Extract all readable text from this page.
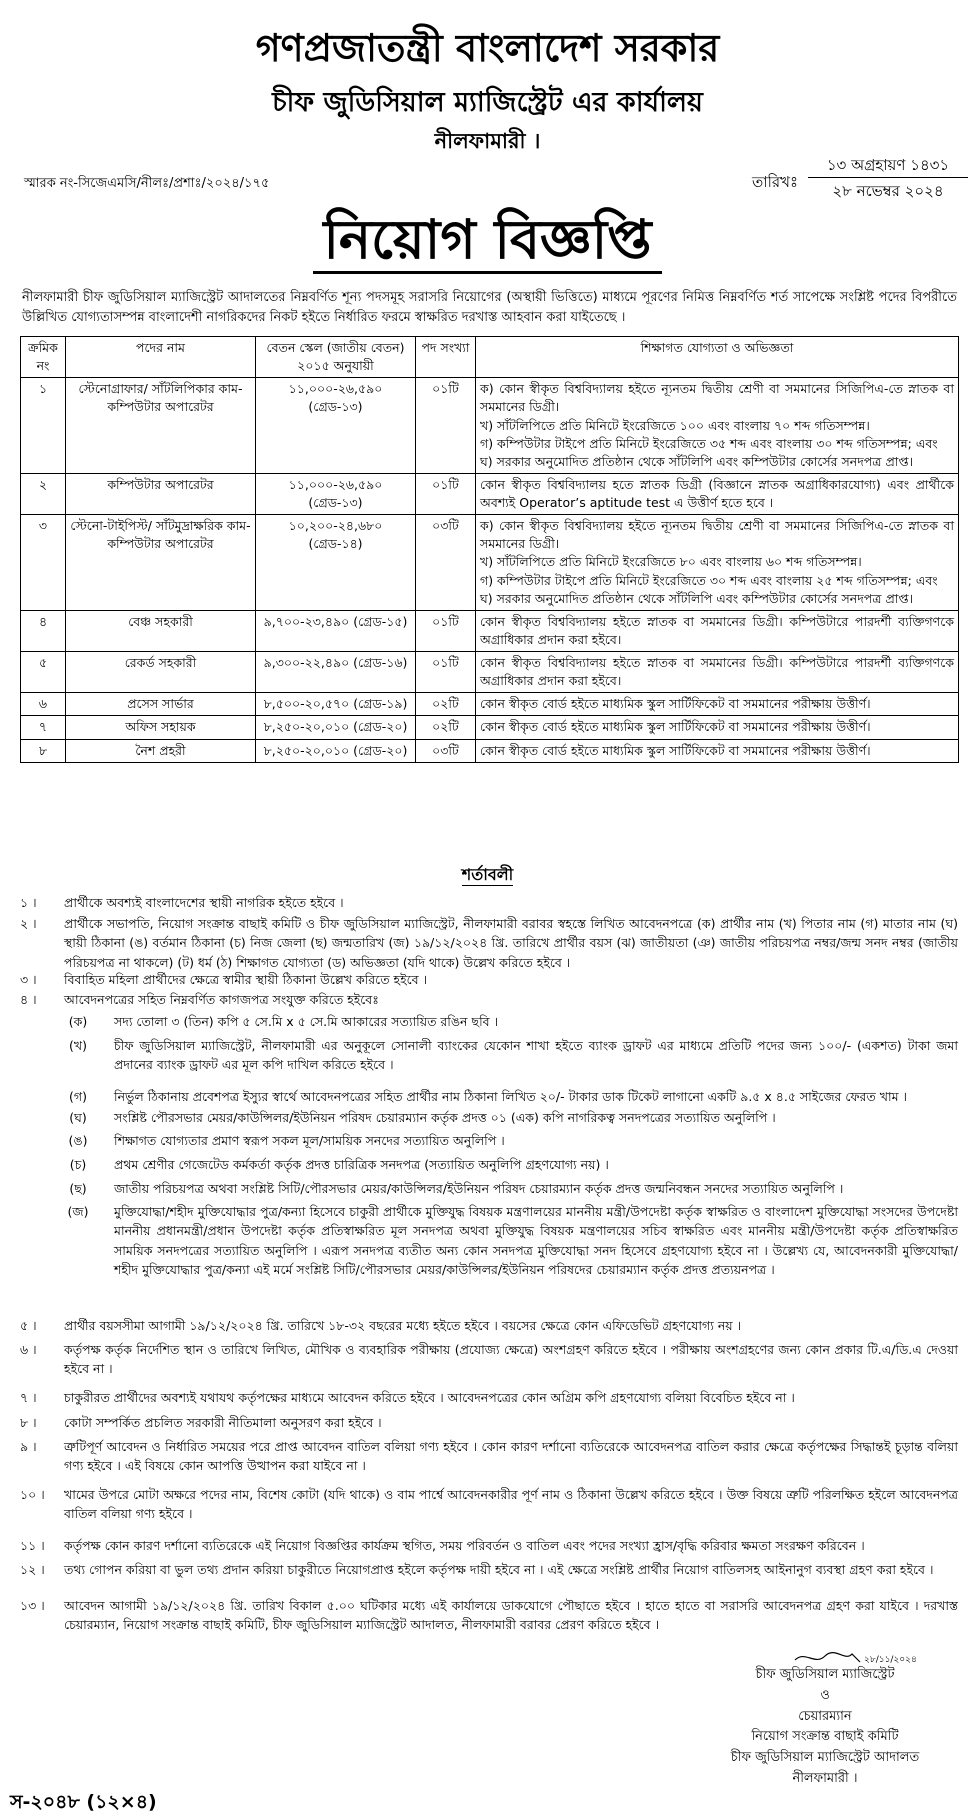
গণপ্রজাতন্ত্রী বাংলাদেশ সরকার
চীফ জুডিসিয়াল ম্যাজিস্ট্রেট এর কার্যালয়
নীলফামারী ।
স্মারক নং-সিজেএমসি/নীলঃ/প্রশাঃ/২০২৪/১৭৫	তারিখঃ
১৩ অগ্রহায়ণ ১৪৩১
২৮ নভেম্বর ২০২৪
নিয়োগ বিজ্ঞপ্তি
নীলফামারী চীফ জুডিসিয়াল ম্যাজিস্ট্রেট আদালতের নিম্নবর্ণিত শূন্য পদসমূহ সরাসরি নিয়োগের (অস্থায়ী ভিত্তিতে) মাধ্যমে পূরণের নিমিত্ত নিম্নবর্ণিত শর্ত সাপেক্ষে সংশ্লিষ্ট পদের বিপরীতে উল্লিখিত যোগ্যতাসম্পন্ন বাংলাদেশী নাগরিকদের নিকট হইতে নির্ধারিত ফরমে স্বাক্ষরিত দরখাস্ত আহবান করা যাইতেছে ।
ক্রমিক নং	পদের নাম	বেতন স্কেল (জাতীয় বেতন) ২০১৫ অনুযায়ী	পদ সংখ্যা	শিক্ষাগত যোগ্যতা ও অভিজ্ঞতা
১	স্টেনোগ্রাফার/ সাঁটলিপিকার কাম-কম্পিউটার অপারেটর	১১,০০০-২৬,৫৯০ (গ্রেড-১৩)	০১টি	ক) কোন স্বীকৃত বিশ্ববিদ্যালয় হইতে ন্যূনতম দ্বিতীয় শ্রেণী বা সমমানের সিজিপিএ-তে স্নাতক বা সমমানের ডিগ্রী।
খ) সাঁটলিপিতে প্রতি মিনিটে ইংরেজিতে ১০০ এবং বাংলায় ৭০ শব্দ গতিসম্পন্ন।
গ) কম্পিউটার টাইপে প্রতি মিনিটে ইংরেজিতে ৩৫ শব্দ এবং বাংলায় ৩০ শব্দ গতিসম্পন্ন; এবং
ঘ) সরকার অনুমোদিত প্রতিষ্ঠান থেকে সাঁটলিপি এবং কম্পিউটার কোর্সের সনদপত্র প্রাপ্ত।

২	কম্পিউটার অপারেটর	১১,০০০-২৬,৫৯০ (গ্রেড-১৩)	০১টি	কোন স্বীকৃত বিশ্ববিদ্যালয় হতে স্নাতক ডিগ্রী (বিজ্ঞানে স্নাতক অগ্রাধিকারযোগ্য) এবং প্রার্থীকে অবশ্যই Operator’s aptitude test এ উত্তীর্ণ হতে হবে ।

৩	স্টেনো-টাইপিস্ট/ সাঁটমুদ্রাক্ষরিক কাম-কম্পিউটার অপারেটর	১০,২০০-২৪,৬৮০ (গ্রেড-১৪)	০৩টি	ক) কোন স্বীকৃত বিশ্ববিদ্যালয় হইতে ন্যূনতম দ্বিতীয় শ্রেণী বা সমমানের সিজিপিএ-তে স্নাতক বা সমমানের ডিগ্রী।
খ) সাঁটলিপিতে প্রতি মিনিটে ইংরেজিতে ৮০ এবং বাংলায় ৬০ শব্দ গতিসম্পন্ন।
গ) কম্পিউটার টাইপে প্রতি মিনিটে ইংরেজিতে ৩০ শব্দ এবং বাংলায় ২৫ শব্দ গতিসম্পন্ন; এবং
ঘ) সরকার অনুমোদিত প্রতিষ্ঠান থেকে সাঁটলিপি এবং কম্পিউটার কোর্সের সনদপত্র প্রাপ্ত।

৪	বেঞ্চ সহকারী	৯,৭০০-২৩,৪৯০ (গ্রেড-১৫)	০১টি	কোন স্বীকৃত বিশ্ববিদ্যালয় হইতে স্নাতক বা সমমানের ডিগ্রী। কম্পিউটারে পারদর্শী ব্যক্তিগণকে অগ্রাধিকার প্রদান করা হইবে।

৫	রেকর্ড সহকারী	৯,৩০০-২২,৪৯০ (গ্রেড-১৬)	০১টি	কোন স্বীকৃত বিশ্ববিদ্যালয় হইতে স্নাতক বা সমমানের ডিগ্রী। কম্পিউটারে পারদর্শী ব্যক্তিগণকে অগ্রাধিকার প্রদান করা হইবে।

৬	প্রসেস সার্ভার	৮,৫০০-২০,৫৭০ (গ্রেড-১৯)	০২টি	কোন স্বীকৃত বোর্ড হইতে মাধ্যমিক স্কুল সার্টিফিকেট বা সমমানের পরীক্ষায় উত্তীর্ণ।

৭	অফিস সহায়ক	৮,২৫০-২০,০১০ (গ্রেড-২০)	০২টি	কোন স্বীকৃত বোর্ড হইতে মাধ্যমিক স্কুল সার্টিফিকেট বা সমমানের পরীক্ষায় উত্তীর্ণ।

৮	নৈশ প্রহরী	৮,২৫০-২০,০১০ (গ্রেড-২০)	০৩টি	কোন স্বীকৃত বোর্ড হইতে মাধ্যমিক স্কুল সার্টিফিকেট বা সমমানের পরীক্ষায় উত্তীর্ণ।
শর্তাবলী
১ ।	প্রার্থীকে অবশ্যই বাংলাদেশের স্থায়ী নাগরিক হইতে হইবে ।
২ ।	প্রার্থীকে সভাপতি, নিয়োগ সংক্রান্ত বাছাই কমিটি ও চীফ জুডিসিয়াল ম্যাজিস্ট্রেট, নীলফামারী বরাবর স্বহস্তে লিখিত আবেদনপত্রে (ক) প্রার্থীর নাম (খ) পিতার নাম (গ) মাতার নাম (ঘ) স্থায়ী ঠিকানা (ঙ) বর্তমান ঠিকানা (চ) নিজ জেলা (ছ) জন্মতারিখ (জ) ১৯/১২/২০২৪ খ্রি. তারিখে প্রার্থীর বয়স (ঝ) জাতীয়তা (ঞ) জাতীয় পরিচয়পত্র নম্বর/জন্ম সনদ নম্বর (জাতীয় পরিচয়পত্র না থাকলে) (ট) ধর্ম (ঠ) শিক্ষাগত যোগ্যতা (ড) অভিজ্ঞতা (যদি থাকে) উল্লেখ করিতে হইবে ।
৩ ।	বিবাহিত মহিলা প্রার্থীদের ক্ষেত্রে স্বামীর স্থায়ী ঠিকানা উল্লেখ করিতে হইবে ।
৪ ।	আবেদনপত্রের সহিত নিম্নবর্ণিত কাগজপত্র সংযুক্ত করিতে হইবেঃ
(ক)	সদ্য তোলা ৩ (তিন) কপি ৫ সে.মি x ৫ সে.মি আকারের সত্যায়িত রঙিন ছবি ।
(খ)	চীফ জুডিসিয়াল ম্যাজিস্ট্রেট, নীলফামারী এর অনুকূলে সোনালী ব্যাংকের যেকোন শাখা হইতে ব্যাংক ড্রাফট এর মাধ্যমে প্রতিটি পদের জন্য ১০০/- (একশত) টাকা জমা প্রদানের ব্যাংক ড্রাফট এর মূল কপি দাখিল করিতে হইবে ।
(গ)	নির্ভুল ঠিকানায় প্রবেশপত্র ইস্যুর স্বার্থে আবেদনপত্রের সহিত প্রার্থীর নাম ঠিকানা লিখিত ২০/- টাকার ডাক টিকেট লাগানো একটি ৯.৫ x ৪.৫ সাইজের ফেরত খাম ।
(ঘ)	সংশ্লিষ্ট পৌরসভার মেয়র/কাউন্সিলর/ইউনিয়ন পরিষদ চেয়ারম্যান কর্তৃক প্রদত্ত ০১ (এক) কপি নাগরিকত্ব সনদপত্রের সত্যায়িত অনুলিপি ।
(ঙ)	শিক্ষাগত যোগ্যতার প্রমাণ স্বরূপ সকল মূল/সাময়িক সনদের সত্যায়িত অনুলিপি ।
(চ)	প্রথম শ্রেণীর গেজেটেড কর্মকর্তা কর্তৃক প্রদত্ত চারিত্রিক সনদপত্র (সত্যায়িত অনুলিপি গ্রহণযোগ্য নয়) ।
(ছ)	জাতীয় পরিচয়পত্র অথবা সংশ্লিষ্ট সিটি/পৌরসভার মেয়র/কাউন্সিলর/ইউনিয়ন পরিষদ চেয়ারম্যান কর্তৃক প্রদত্ত জন্মনিবন্ধন সনদের সত্যায়িত অনুলিপি ।
(জ)	মুক্তিযোদ্ধা/শহীদ মুক্তিযোদ্ধার পুত্র/কন্যা হিসেবে চাকুরী প্রার্থীকে মুক্তিযুদ্ধ বিষয়ক মন্ত্রণালয়ের মাননীয় মন্ত্রী/উপদেষ্টা কর্তৃক স্বাক্ষরিত ও বাংলাদেশ মুক্তিযোদ্ধা সংসদের উপদেষ্টা মাননীয় প্রধানমন্ত্রী/প্রধান উপদেষ্টা কর্তৃক প্রতিস্বাক্ষরিত মূল সনদপত্র অথবা মুক্তিযুদ্ধ বিষয়ক মন্ত্রণালয়ের সচিব স্বাক্ষরিত এবং মাননীয় মন্ত্রী/উপদেষ্টা কর্তৃক প্রতিস্বাক্ষরিত সাময়িক সনদপত্রের সত্যায়িত অনুলিপি । এরূপ সনদপত্র ব্যতীত অন্য কোন সনদপত্র মুক্তিযোদ্ধা সনদ হিসেবে গ্রহণযোগ্য হইবে না । উল্লেখ্য যে, আবেদনকারী মুক্তিযোদ্ধা/শহীদ মুক্তিযোদ্ধার পুত্র/কন্যা এই মর্মে সংশ্লিষ্ট সিটি/পৌরসভার মেয়র/কাউন্সিলর/ইউনিয়ন পরিষদের চেয়ারম্যান কর্তৃক প্রদত্ত প্রত্যয়নপত্র ।
৫ ।	প্রার্থীর বয়সসীমা আগামী ১৯/১২/২০২৪ খ্রি. তারিখে ১৮-৩২ বছরের মধ্যে হইতে হইবে । বয়সের ক্ষেত্রে কোন এফিডেভিট গ্রহণযোগ্য নয় ।
৬ ।	কর্তৃপক্ষ কর্তৃক নির্দেশিত স্থান ও তারিখে লিখিত, মৌখিক ও ব্যবহারিক পরীক্ষায় (প্রযোজ্য ক্ষেত্রে) অংশগ্রহণ করিতে হইবে । পরীক্ষায় অংশগ্রহণের জন্য কোন প্রকার টি.এ/ডি.এ দেওয়া হইবে না ।
৭ ।	চাকুরীরত প্রার্থীদের অবশ্যই যথাযথ কর্তৃপক্ষের মাধ্যমে আবেদন করিতে হইবে । আবেদনপত্রের কোন অগ্রিম কপি গ্রহণযোগ্য বলিয়া বিবেচিত হইবে না ।
৮ ।	কোটা সম্পর্কিত প্রচলিত সরকারী নীতিমালা অনুসরণ করা হইবে ।
৯ ।	ত্রুটিপূর্ণ আবেদন ও নির্ধারিত সময়ের পরে প্রাপ্ত আবেদন বাতিল বলিয়া গণ্য হইবে । কোন কারণ দর্শানো ব্যতিরেকে আবেদনপত্র বাতিল করার ক্ষেত্রে কর্তৃপক্ষের সিদ্ধান্তই চূড়ান্ত বলিয়া গণ্য হইবে । এই বিষয়ে কোন আপত্তি উত্থাপন করা যাইবে না ।
১০ ।	খামের উপরে মোটা অক্ষরে পদের নাম, বিশেষ কোটা (যদি থাকে) ও বাম পার্শ্বে আবেদনকারীর পূর্ণ নাম ও ঠিকানা উল্লেখ করিতে হইবে । উক্ত বিষয়ে ত্রুটি পরিলক্ষিত হইলে আবেদনপত্র বাতিল বলিয়া গণ্য হইবে ।
১১ ।	কর্তৃপক্ষ কোন কারণ দর্শানো ব্যতিরেকে এই নিয়োগ বিজ্ঞপ্তির কার্যক্রম স্থগিত, সময় পরিবর্তন ও বাতিল এবং পদের সংখ্যা হ্রাস/বৃদ্ধি করিবার ক্ষমতা সংরক্ষণ করিবেন ।
১২ ।	তথ্য গোপন করিয়া বা ভুল তথ্য প্রদান করিয়া চাকুরীতে নিয়োগপ্রাপ্ত হইলে কর্তৃপক্ষ দায়ী হইবে না । এই ক্ষেত্রে সংশ্লিষ্ট প্রার্থীর নিয়োগ বাতিলসহ আইনানুগ ব্যবস্থা গ্রহণ করা হইবে ।
১৩ ।	আবেদন আগামী ১৯/১২/২০২৪ খ্রি. তারিখ বিকাল ৫.০০ ঘটিকার মধ্যে এই কার্যালয়ে ডাকযোগে পৌছাতে হইবে । হাতে হাতে বা সরাসরি আবেদনপত্র গ্রহণ করা যাইবে । দরখাস্ত চেয়ারম্যান, নিয়োগ সংক্রান্ত বাছাই কমিটি, চীফ জুডিসিয়াল ম্যাজিস্ট্রেট আদালত, নীলফামারী বরাবর প্রেরণ করিতে হইবে ।
২৮/১১/২০২৪
চীফ জুডিসিয়াল ম্যাজিস্ট্রেট
ও
চেয়ারম্যান
নিয়োগ সংক্রান্ত বাছাই কমিটি
চীফ জুডিসিয়াল ম্যাজিস্ট্রেট আদালত
নীলফামারী ।
স-২০৪৮ (১২×৪)
